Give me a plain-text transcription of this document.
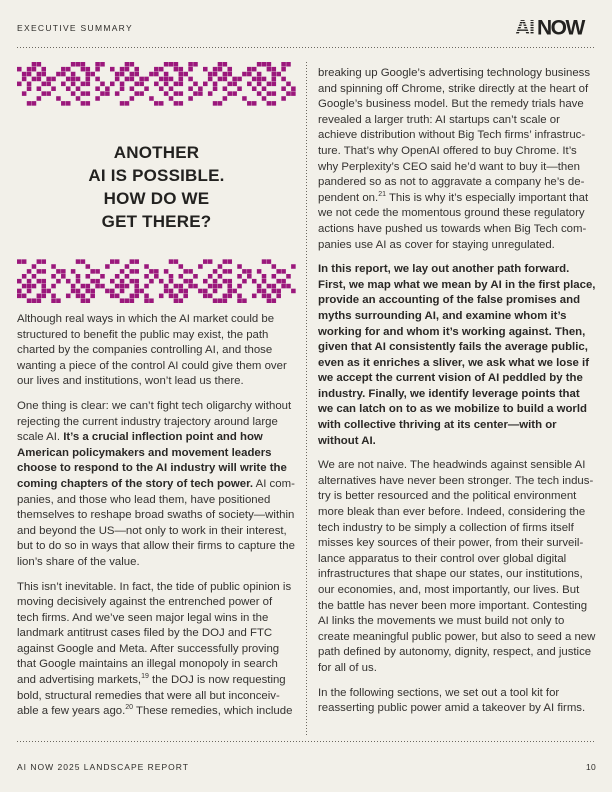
EXECUTIVE SUMMARY	AI NOW
ANOTHER
AI IS POSSIBLE.
HOW DO WE
GET THERE?

Although real ways in which the AI market could be structured to benefit the public may exist, the path charted by the companies controlling AI, and those wanting a piece of the control AI could give them over our lives and institutions, won’t lead us there.

One thing is clear: we can’t fight tech oligarchy without rejecting the current industry trajectory around large scale AI. It’s a crucial inflection point and how American policymakers and movement leaders choose to respond to the AI industry will write the coming chapters of the story of tech power. AI companies, and those who lead them, have positioned themselves to reshape broad swaths of society—within and beyond the US—not only to work in their interest, but to do so in ways that allow their firms to capture the lion’s share of the value.

This isn’t inevitable. In fact, the tide of public opinion is moving decisively against the entrenched power of tech firms. And we’ve seen major legal wins in the landmark antitrust cases filed by the DOJ and FTC against Google and Meta. After successfully proving that Google maintains an illegal monopoly in search and advertising markets,$^{19}$ the DOJ is now requesting bold, structural remedies that were all but inconceivable a few years ago.$^{20}$ These remedies, which include

breaking up Google’s advertising technology business and spinning off Chrome, strike directly at the heart of Google’s business model. But the remedy trials have revealed a larger truth: AI startups can’t scale or achieve distribution without Big Tech firms’ infrastructure. That’s why OpenAI offered to buy Chrome. It’s why Perplexity’s CEO said he’d want to buy it—then pandered so as not to aggravate a company he’s dependent on.$^{21}$ This is why it’s especially important that we not cede the momentous ground these regulatory actions have pushed us towards when Big Tech companies use AI as cover for staying unregulated.

In this report, we lay out another path forward. First, we map what we mean by AI in the first place, provide an accounting of the false promises and myths surrounding AI, and examine whom it’s working for and whom it’s working against. Then, given that AI consistently fails the average public, even as it enriches a sliver, we ask what we lose if we accept the current vision of AI peddled by the industry. Finally, we identify leverage points that we can latch on to as we mobilize to build a world with collective thriving at its center—with or without AI.

We are not naive. The headwinds against sensible AI alternatives have never been stronger. The tech industry is better resourced and the political environment more bleak than ever before. Indeed, considering the tech industry to be simply a collection of firms itself misses key sources of their power, from their surveillance apparatus to their control over global digital infrastructures that shape our states, our institutions, our economies, and, most importantly, our lives. But the battle has never been more important. Contesting AI links the movements we must build not only to create meaningful public power, but also to seed a new path defined by autonomy, dignity, respect, and justice for all of us.

In the following sections, we set out a tool kit for reasserting public power amid a takeover by AI firms.

AI NOW 2025 LANDSCAPE REPORT	10
